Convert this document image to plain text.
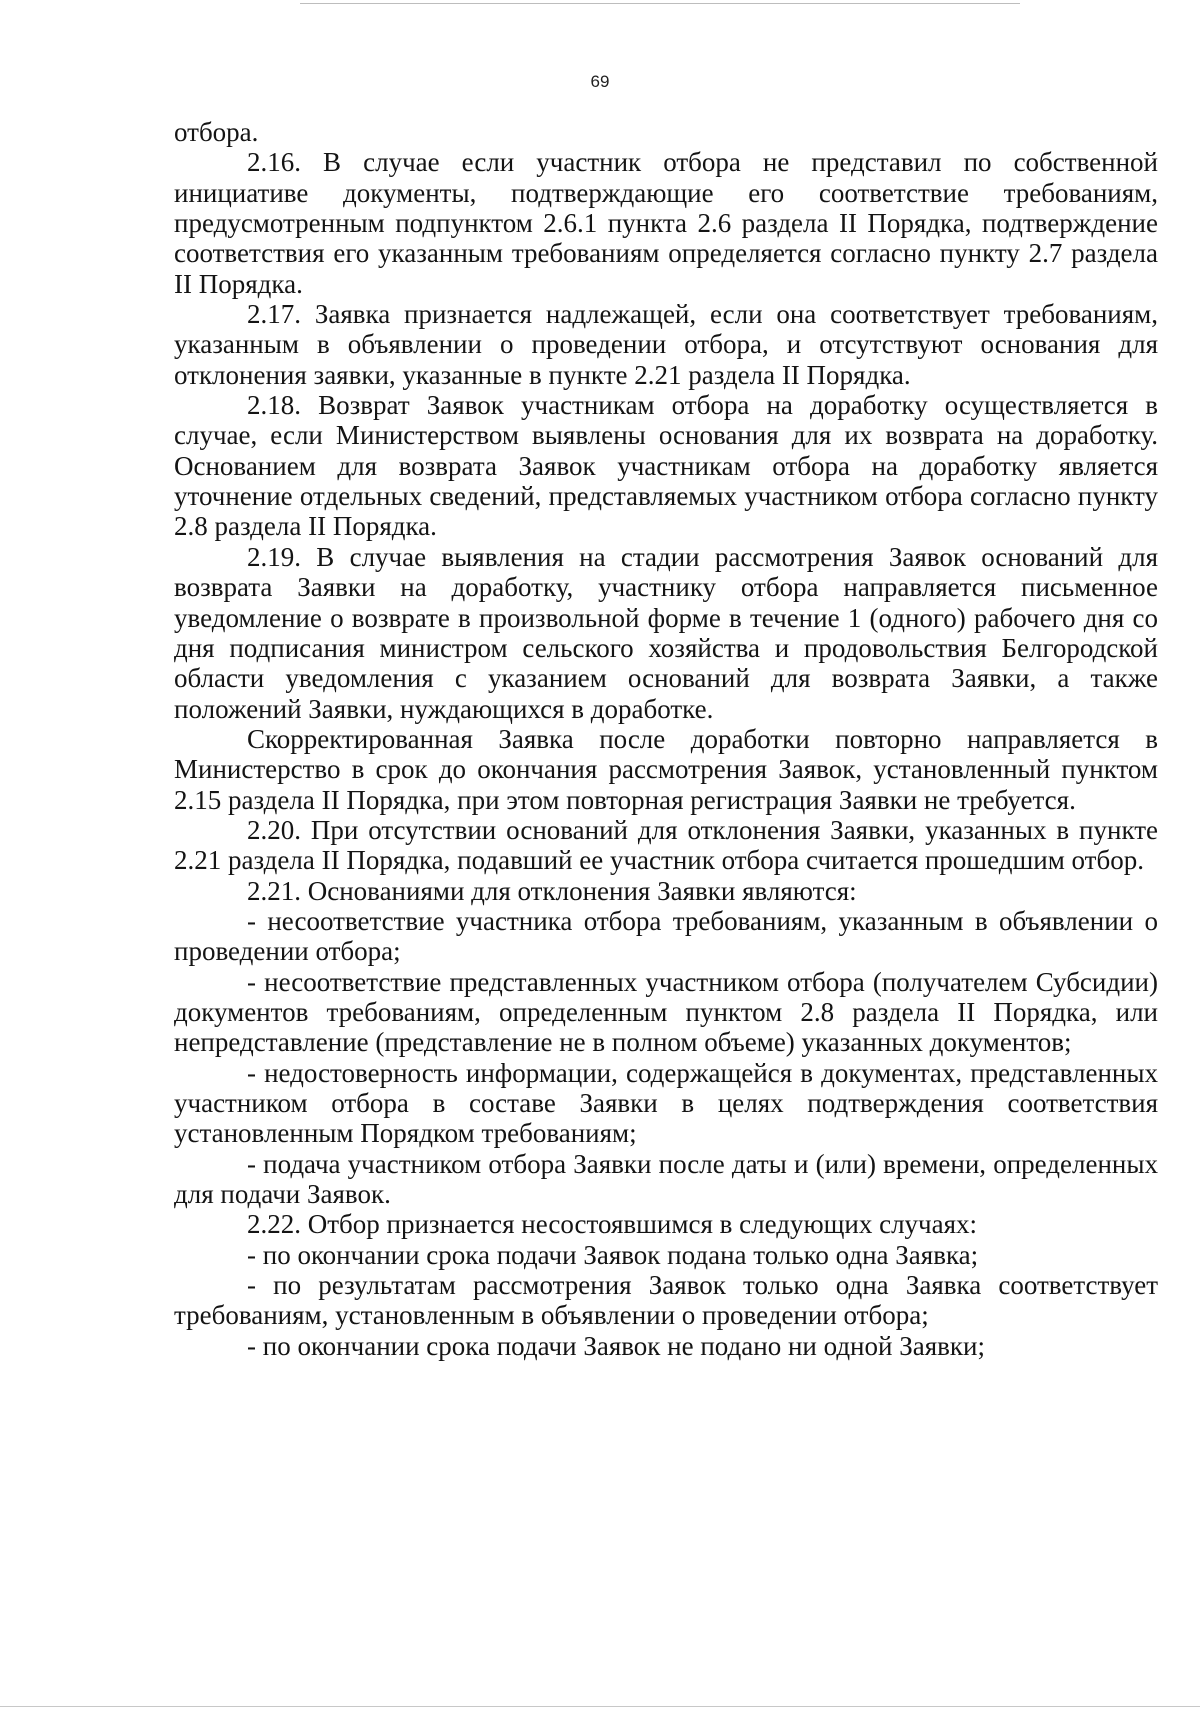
69

отбора.

2.16. В случае если участник отбора не представил по собственной инициативе документы, подтверждающие его соответствие требованиям, предусмотренным подпунктом 2.6.1 пункта 2.6 раздела II Порядка, подтверждение соответствия его указанным требованиям определяется согласно пункту 2.7 раздела II Порядка.

2.17. Заявка признается надлежащей, если она соответствует требованиям, указанным в объявлении о проведении отбора, и отсутствуют основания для отклонения заявки, указанные в пункте 2.21 раздела II Порядка.

2.18. Возврат Заявок участникам отбора на доработку осуществляется в случае, если Министерством выявлены основания для их возврата на доработку. Основанием для возврата Заявок участникам отбора на доработку является уточнение отдельных сведений, представляемых участником отбора согласно пункту 2.8 раздела II Порядка.

2.19. В случае выявления на стадии рассмотрения Заявок оснований для возврата Заявки на доработку, участнику отбора направляется письменное уведомление о возврате в произвольной форме в течение 1 (одного) рабочего дня со дня подписания министром сельского хозяйства и продовольствия Белгородской области уведомления с указанием оснований для возврата Заявки, а также положений Заявки, нуждающихся в доработке.

Скорректированная Заявка после доработки повторно направляется в Министерство в срок до окончания рассмотрения Заявок, установленный пунктом 2.15 раздела II Порядка, при этом повторная регистрация Заявки не требуется.

2.20. При отсутствии оснований для отклонения Заявки, указанных в пункте 2.21 раздела II Порядка, подавший ее участник отбора считается прошедшим отбор.

2.21. Основаниями для отклонения Заявки являются:

- несоответствие участника отбора требованиям, указанным в объявлении о проведении отбора;

- несоответствие представленных участником отбора (получателем Субсидии) документов требованиям, определенным пунктом 2.8 раздела II Порядка, или непредставление (представление не в полном объеме) указанных документов;

- недостоверность информации, содержащейся в документах, представленных участником отбора в составе Заявки в целях подтверждения соответствия установленным Порядком требованиям;

- подача участником отбора Заявки после даты и (или) времени, определенных для подачи Заявок.

2.22. Отбор признается несостоявшимся в следующих случаях:

- по окончании срока подачи Заявок подана только одна Заявка;

- по результатам рассмотрения Заявок только одна Заявка соответствует требованиям, установленным в объявлении о проведении отбора;

- по окончании срока подачи Заявок не подано ни одной Заявки;
